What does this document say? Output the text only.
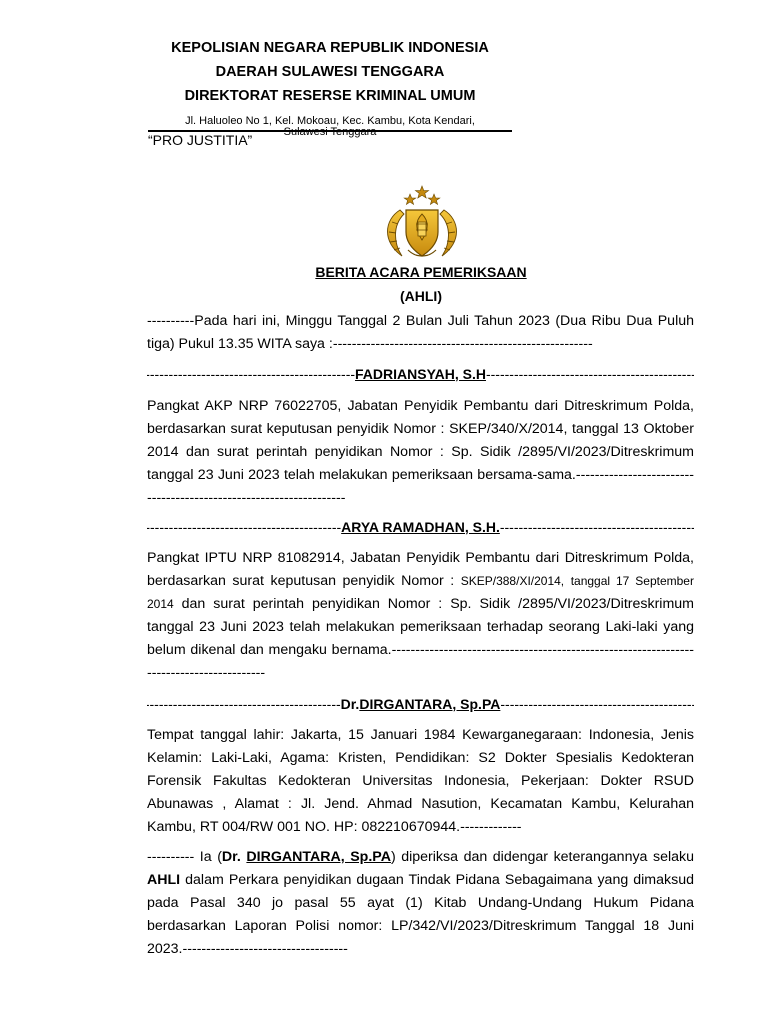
KEPOLISIAN NEGARA REPUBLIK INDONESIA
DAERAH SULAWESI TENGGARA
DIREKTORAT RESERSE KRIMINAL UMUM
Jl. Haluoleo No 1, Kel. Mokoau, Kec. Kambu, Kota Kendari,
Sulawesi Tenggara
“PRO JUSTITIA”
BERITA ACARA PEMERIKSAAN
(AHLI)
----------Pada hari ini, Minggu Tanggal 2 Bulan Juli Tahun 2023 (Dua Ribu Dua Puluh tiga) Pukul 13.35 WITA saya :-------------------------------------------------------
-----
FADRIANSYAH, S.H
-----
Pangkat AKP NRP 76022705, Jabatan Penyidik Pembantu dari Ditreskrimum Polda, berdasarkan surat keputusan penyidik Nomor : SKEP/340/X/2014, tanggal 13 Oktober 2014 dan surat perintah penyidikan Nomor : Sp. Sidik /2895/VI/2023/Ditreskrimum tanggal 23 Juni 2023 telah melakukan pemeriksaan bersama-sama.-------------------------------------------------------------------
-----
ARYA RAMADHAN, S.H.
-----
Pangkat IPTU NRP 81082914, Jabatan Penyidik Pembantu dari Ditreskrimum Polda, berdasarkan surat keputusan penyidik Nomor : SKEP/388/XI/2014, tanggal 17 September 2014 dan surat perintah penyidikan Nomor : Sp. Sidik /2895/VI/2023/Ditreskrimum tanggal 23 Juni 2023 telah melakukan pemeriksaan terhadap seorang Laki-laki yang belum dikenal dan mengaku bernama.-----------------------------------------------------------------------------------------
-----
Dr. DIRGANTARA, Sp.PA
-----
Tempat tanggal lahir: Jakarta, 15 Januari 1984 Kewarganegaraan: Indonesia, Jenis Kelamin: Laki-Laki, Agama: Kristen, Pendidikan: S2 Dokter Spesialis Kedokteran Forensik Fakultas Kedokteran Universitas Indonesia, Pekerjaan: Dokter RSUD Abunawas , Alamat : Jl. Jend. Ahmad Nasution, Kecamatan Kambu, Kelurahan Kambu, RT 004/RW 001 NO. HP: 082210670944.-------------
---------- Ia (Dr. DIRGANTARA, Sp.PA) diperiksa dan didengar keterangannya selaku AHLI dalam Perkara penyidikan dugaan Tindak Pidana Sebagaimana yang dimaksud pada Pasal 340 jo pasal 55 ayat (1) Kitab Undang-Undang Hukum Pidana berdasarkan Laporan Polisi nomor: LP/342/VI/2023/Ditreskrimum Tanggal 18 Juni 2023.-----------------------------------
